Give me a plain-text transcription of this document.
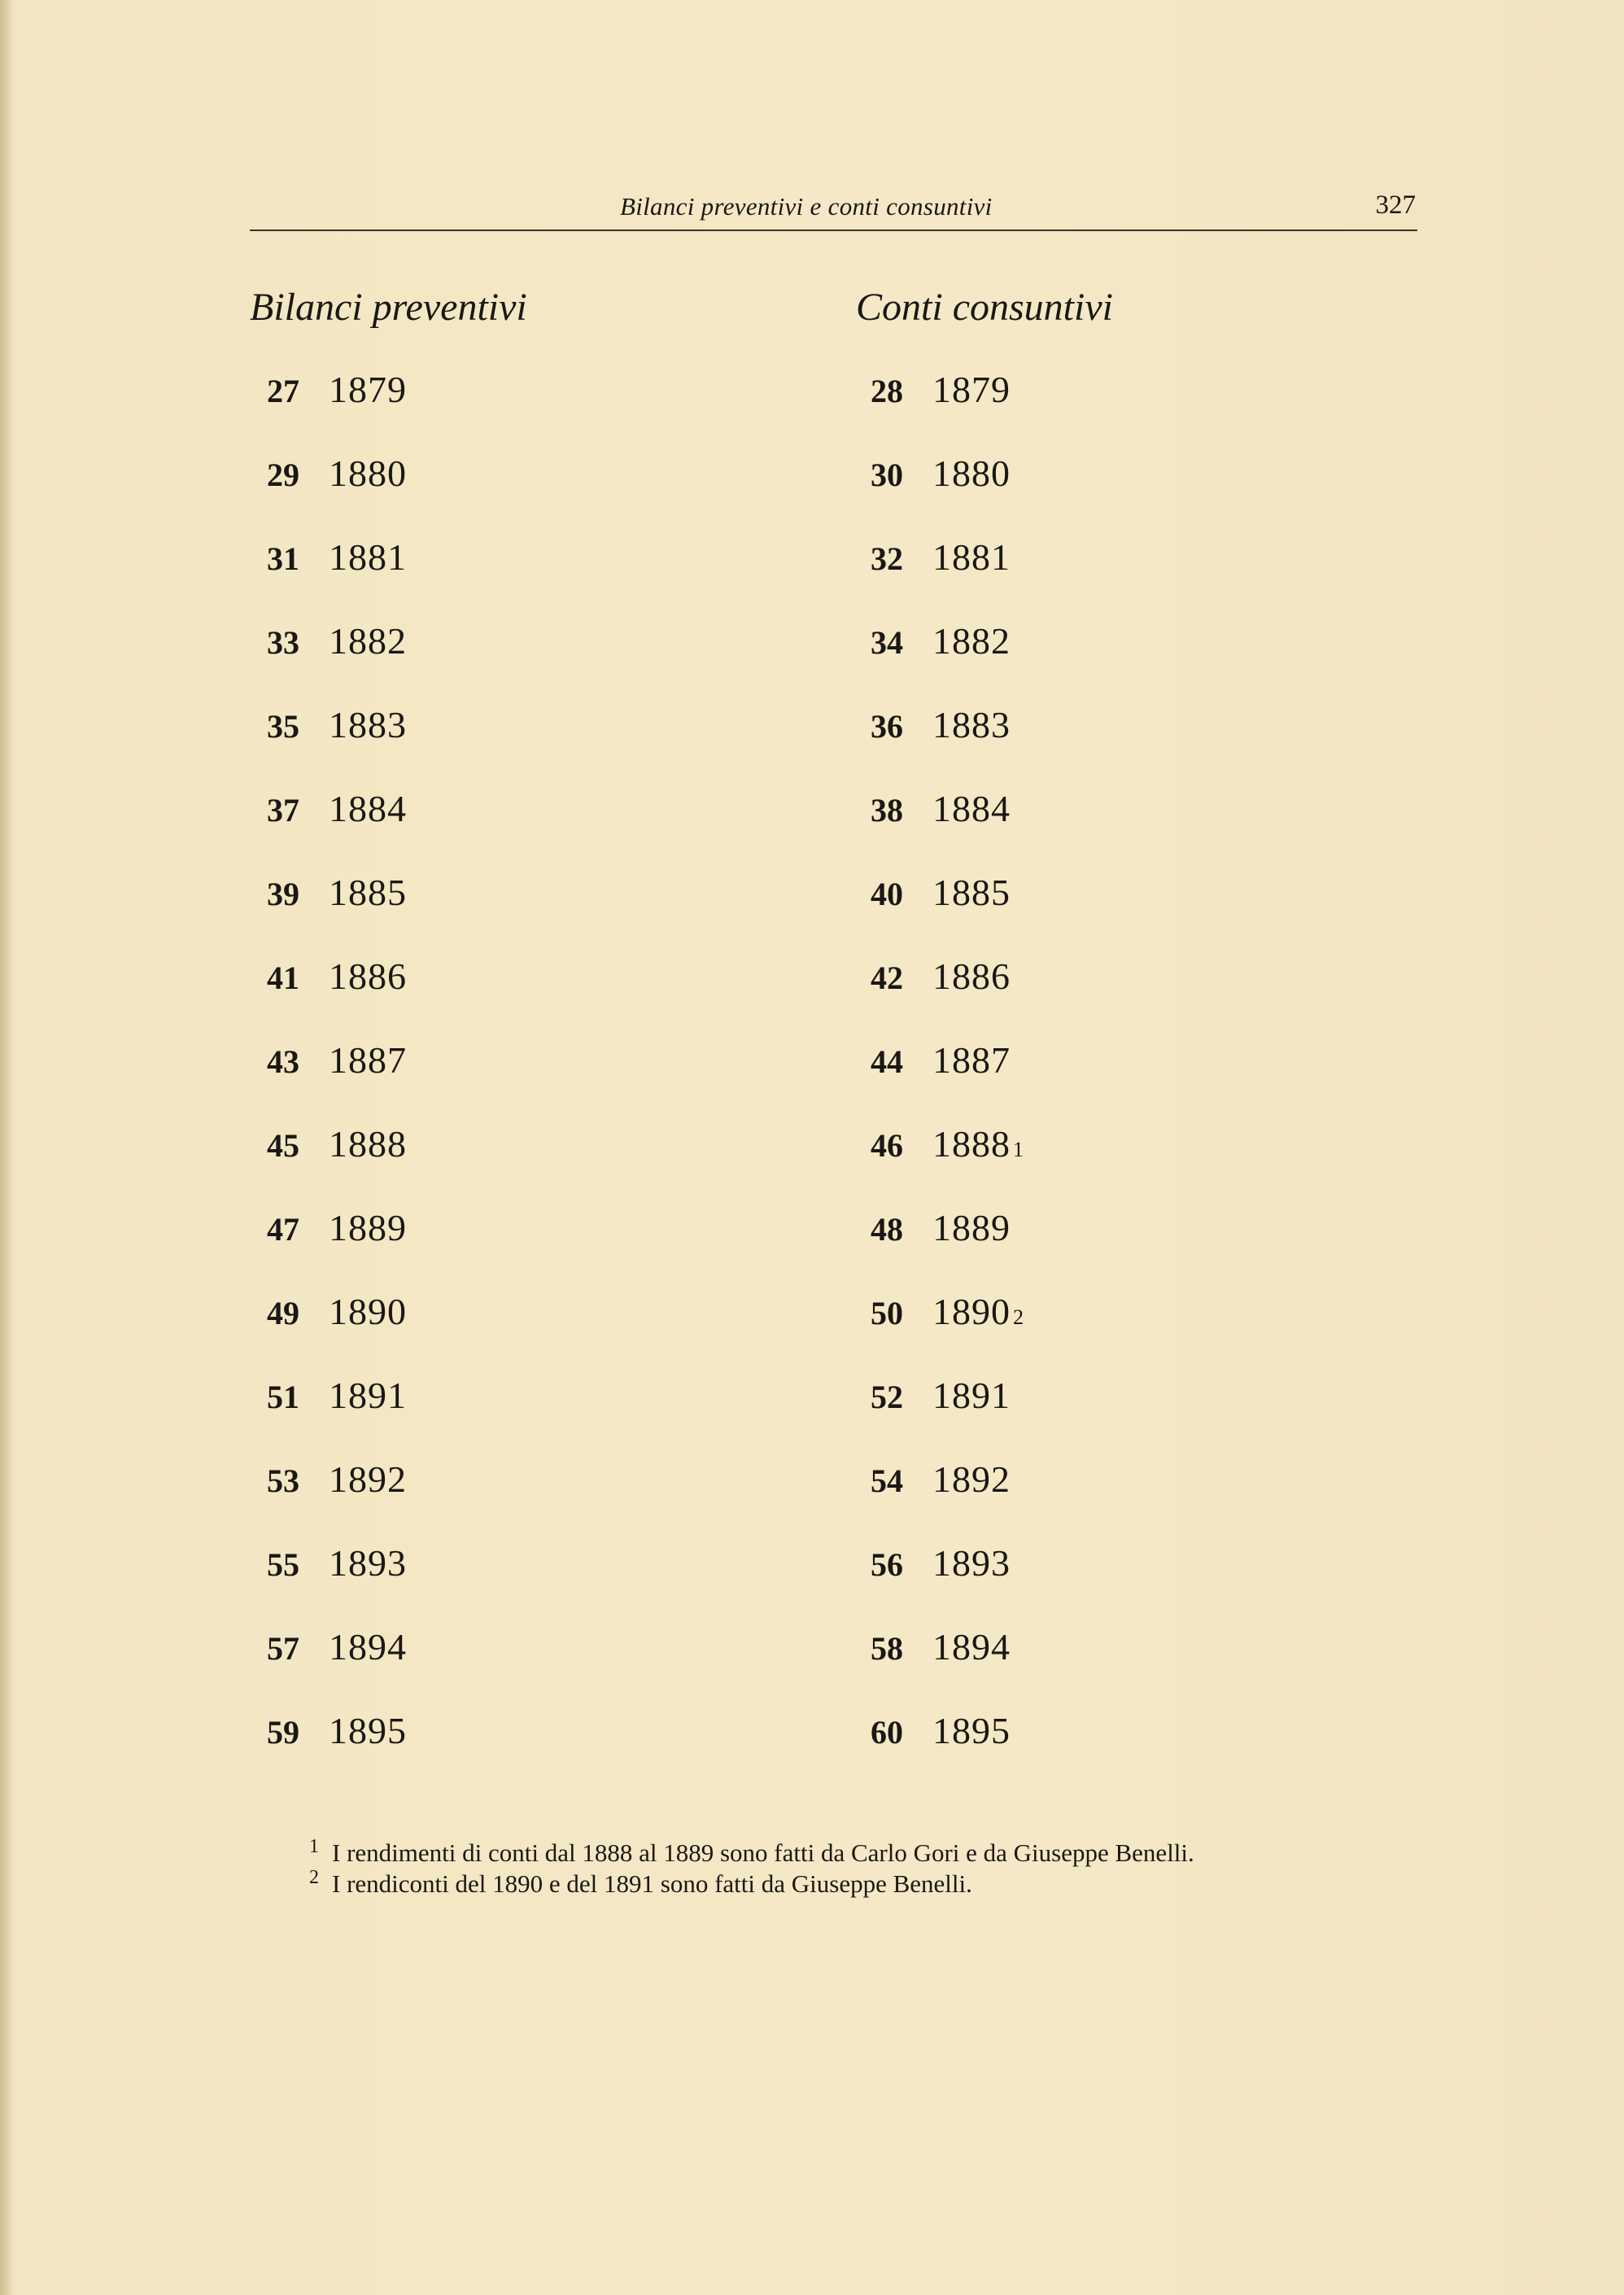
Bilanci preventivi e conti consuntivi	327
Bilanci preventivi	Conti consuntivi
27 1879
29 1880
31 1881
33 1882
35 1883
37 1884
39 1885
41 1886
43 1887
45 1888
47 1889
49 1890
51 1891
53 1892
55 1893
57 1894
59 1895
28 1879
30 1880
32 1881
34 1882
36 1883
38 1884
40 1885
42 1886
44 1887
46 1888 1
48 1889
50 1890 2
52 1891
54 1892
56 1893
58 1894
60 1895
1 I rendimenti di conti dal 1888 al 1889 sono fatti da Carlo Gori e da Giuseppe Benelli.
2 I rendiconti del 1890 e del 1891 sono fatti da Giuseppe Benelli.
